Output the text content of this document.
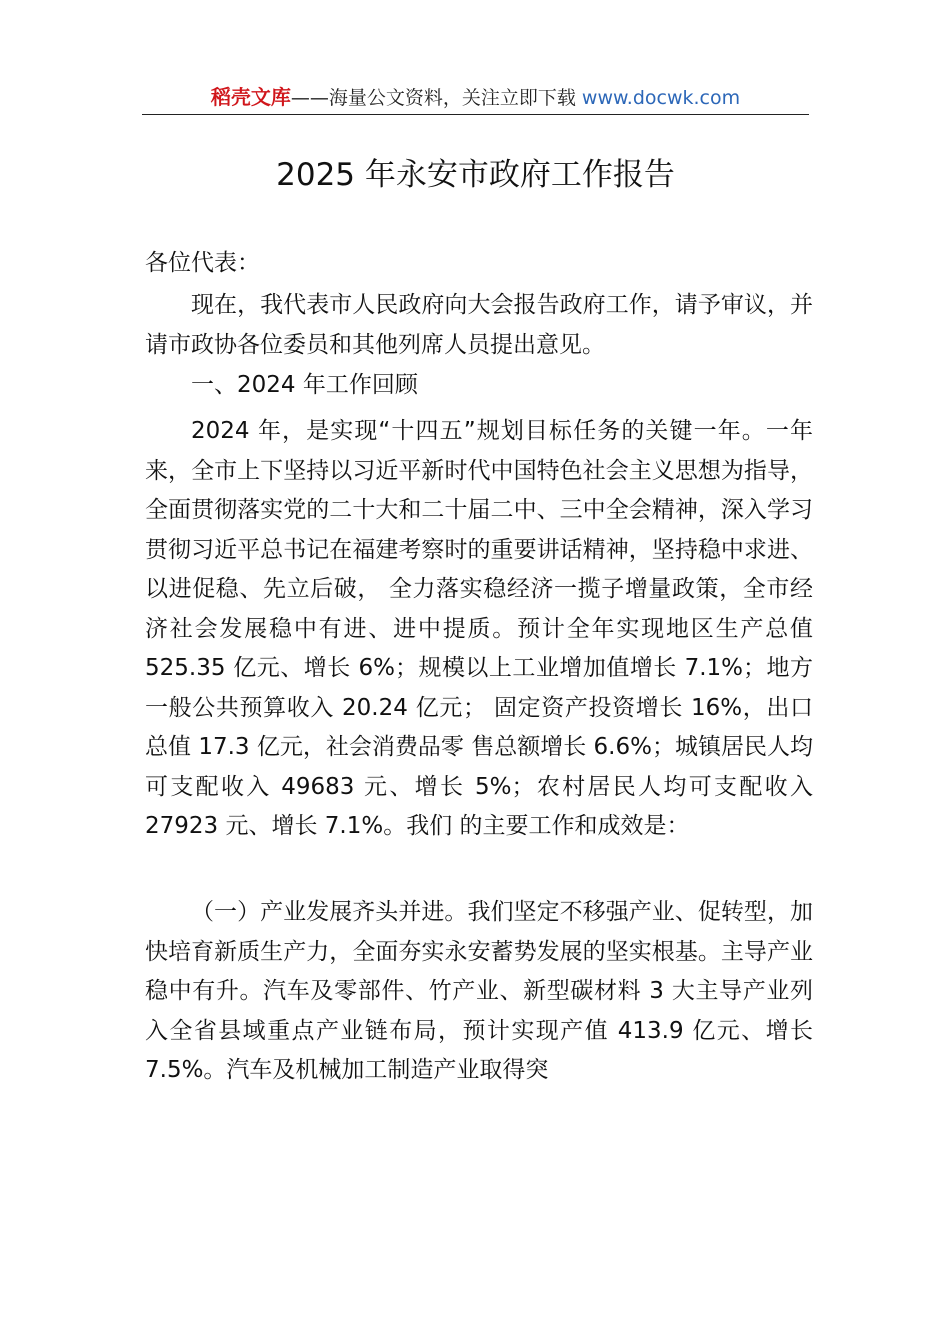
稻壳文库——海量公文资料，关注立即下载 www.docwk.com
2025 年永安市政府工作报告
各位代表：

现在，我代表市人民政府向大会报告政府工作，请予审议，并请市政协各位委员和其他列席人员提出意见。

一、2024 年工作回顾

2024 年，是实现“十四五”规划目标任务的关键一年。一年来，全市上下坚持以习近平新时代中国特色社会主义思想为指导，全面贯彻落实党的二十大和二十届二中、三中全会精神，深入学习贯彻习近平总书记在福建考察时的重要讲话精神，坚持稳中求进、以进促稳、先立后破， 全力落实稳经济一揽子增量政策，全市经济社会发展稳中有进、进中提质。预计全年实现地区生产总值 525.35 亿元、增长 6%；规模以上工业增加值增长 7.1%；地方一般公共预算收入 20.24 亿元； 固定资产投资增长 16%，出口总值 17.3 亿元，社会消费品零 售总额增长 6.6%；城镇居民人均可支配收入 49683 元、增长 5%；农村居民人均可支配收入 27923 元、增长 7.1%。我们 的主要工作和成效是：

（一）产业发展齐头并进。我们坚定不移强产业、促转型，加快培育新质生产力，全面夯实永安蓄势发展的坚实根基。主导产业稳中有升。汽车及零部件、竹产业、新型碳材料 3 大主导产业列入全省县域重点产业链布局，预计实现产值 413.9 亿元、增长 7.5%。汽车及机械加工制造产业取得突
